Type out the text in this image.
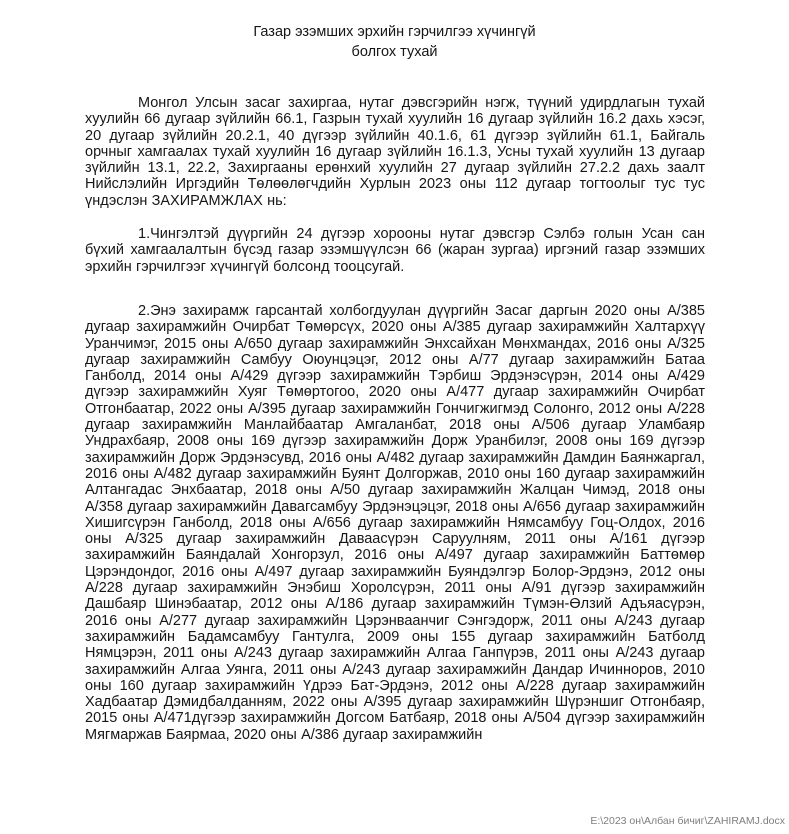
Газар эзэмших эрхийн гэрчилгээ хүчингүй
болгох тухай

Монгол Улсын засаг захиргаа, нутаг дэвсгэрийн нэгж, түүний удирдлагын тухай хуулийн 66 дугаар зүйлийн 66.1, Газрын тухай хуулийн 16 дугаар зүйлийн 16.2 дахь хэсэг, 20 дугаар зүйлийн 20.2.1, 40 дүгээр зүйлийн 40.1.6, 61 дүгээр зүйлийн 61.1, Байгаль орчныг хамгаалах тухай хуулийн 16 дугаар зүйлийн 16.1.3, Усны тухай хуулийн 13 дугаар зүйлийн 13.1, 22.2, Захиргааны ерөнхий хуулийн 27 дугаар зүйлийн 27.2.2 дахь заалт Нийслэлийн Иргэдийн Төлөөлөгчдийн Хурлын 2023 оны 112 дугаар тогтоолыг тус тус үндэслэн ЗАХИРАМЖЛАХ нь:

1.Чингэлтэй дүүргийн 24 дүгээр хорооны нутаг дэвсгэр Сэлбэ голын Усан сан бүхий хамгаалалтын бүсэд газар эзэмшүүлсэн 66 (жаран зургаа) иргэний газар эзэмших эрхийн гэрчилгээг хүчингүй болсонд тооцсугай.

2.Энэ захирамж гарсантай холбогдуулан дүүргийн Засаг даргын 2020 оны А/385 дугаар захирамжийн Очирбат Төмөрсүх, 2020 оны А/385 дугаар захирамжийн Халтархүү Уранчимэг, 2015 оны А/650 дугаар захирамжийн Энхсайхан Мөнхмандах, 2016 оны А/325 дугаар захирамжийн Самбуу Оюунцэцэг, 2012 оны А/77 дугаар захирамжийн Батаа Ганболд, 2014 оны А/429 дүгээр захирамжийн Тэрбиш Эрдэнэсүрэн, 2014 оны А/429 дүгээр захирамжийн Хуяг Төмөртогоо, 2020 оны А/477 дугаар захирамжийн Очирбат Отгонбаатар, 2022 оны А/395 дугаар захирамжийн Гончигжигмэд Солонго, 2012 оны А/228 дугаар захирамжийн Манлайбаатар Амгаланбат, 2018 оны А/506 дугаар Уламбаяр Ундрахбаяр, 2008 оны 169 дүгээр захирамжийн Дорж Уранбилэг, 2008 оны 169 дүгээр захирамжийн Дорж Эрдэнэсувд, 2016 оны А/482 дугаар захирамжийн Дамдин Баянжаргал, 2016 оны А/482 дугаар захирамжийн Буянт Долгоржав, 2010 оны 160 дугаар захирамжийн Алтангадас Энхбаатар, 2018 оны А/50 дугаар захирамжийн Жалцан Чимэд, 2018 оны А/358 дугаар захирамжийн Давагсамбуу Эрдэнэцэцэг, 2018 оны А/656 дугаар захирамжийн Хишигсүрэн Ганболд, 2018 оны А/656 дугаар захирамжийн Нямсамбуу Гоц-Олдох, 2016 оны А/325 дугаар захирамжийн Даваасүрэн Саруулням, 2011 оны А/161 дүгээр захирамжийн Баяндалай Хонгорзул, 2016 оны А/497 дугаар захирамжийн Баттөмөр Цэрэндондог, 2016 оны А/497 дугаар захирамжийн Буяндэлгэр Болор-Эрдэнэ, 2012 оны А/228 дугаар захирамжийн Энэбиш Хоролсүрэн, 2011 оны А/91 дүгээр захирамжийн Дашбаяр Шинэбаатар, 2012 оны А/186 дугаар захирамжийн Түмэн-Өлзий Адъяасүрэн, 2016 оны А/277 дугаар захирамжийн Цэрэнваанчиг Сэнгэдорж, 2011 оны А/243 дугаар захирамжийн Бадамсамбуу Гантулга, 2009 оны 155 дугаар захирамжийн Батболд Нямцэрэн, 2011 оны А/243 дугаар захирамжийн Алгаа Ганпүрэв, 2011 оны А/243 дугаар захирамжийн Алгаа Уянга, 2011 оны А/243 дугаар захирамжийн Дандар Ичинноров, 2010 оны 160 дугаар захирамжийн Үдрээ Бат-Эрдэнэ, 2012 оны А/228 дугаар захирамжийн Хадбаатар Дэмидбалданням, 2022 оны А/395 дугаар захирамжийн Шүрэншиг Отгонбаяр, 2015 оны А/471дүгээр захирамжийн Догсом Батбаяр, 2018 оны А/504 дүгээр захирамжийн Мягмаржав Баярмаа, 2020 оны А/386 дугаар захирамжийн

E:\2023 он\Албан бичиг\ZAHIRAMJ.docx
